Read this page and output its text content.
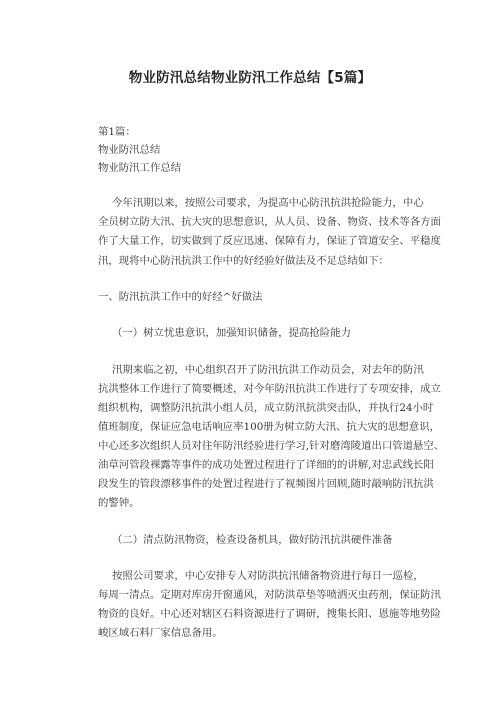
物业防汛总结物业防汛工作总结【5篇】
第1篇：
物业防汛总结
物业防汛工作总结
今年汛期以来，按照公司要求，为提高中心防汛抗洪抢险能力，中心
全员树立防大汛、抗大灾的思想意识，从人员、设备、物资、技术等各方面
作了大量工作，切实做到了反应迅速、保障有力，保证了管道安全、平稳度
汛，现将中心防汛抗洪工作中的好经验好做法及不足总结如下：
一、防汛抗洪工作中的好经^好做法
（一）树立忧患意识，加强知识储备，提高抢险能力
汛期来临之初，中心组织召开了防汛抗洪工作动员会，对去年的防汛
抗洪整体工作进行了简要概述，对今年防汛抗洪工作进行了专项安排，成立
组织机构，调整防汛抗洪小组人员，成立防汛抗洪突击队，并执行24小时
值班制度，保证应急电话响应率100册为树立防大汛、抗大灾的思想意识，
中心还多次组织人员对往年防汛经验进行学习,针对磨湾陵道出口管道悬空、
油草河管段裸露等事件的成功处置过程进行了详细的的讲解,对忠武线长阳
段发生的管段漂移事件的处置过程进行了视频图片回顾,随时敲响防汛抗洪
的警钟。
（二）清点防汛物资，检查设备机具，做好防汛抗洪硬件准备
按照公司要求，中心安排专人对防洪抗汛储备物资进行每日一巡检，
每周一清点。定期对库房开窗通风，对防洪草垫等喷洒灭虫药剂，保证防汛
物资的良好。中心还对辖区石料资源进行了调研，搜集长阳、恩施等地势险
峻区域石料厂家信息备用。
